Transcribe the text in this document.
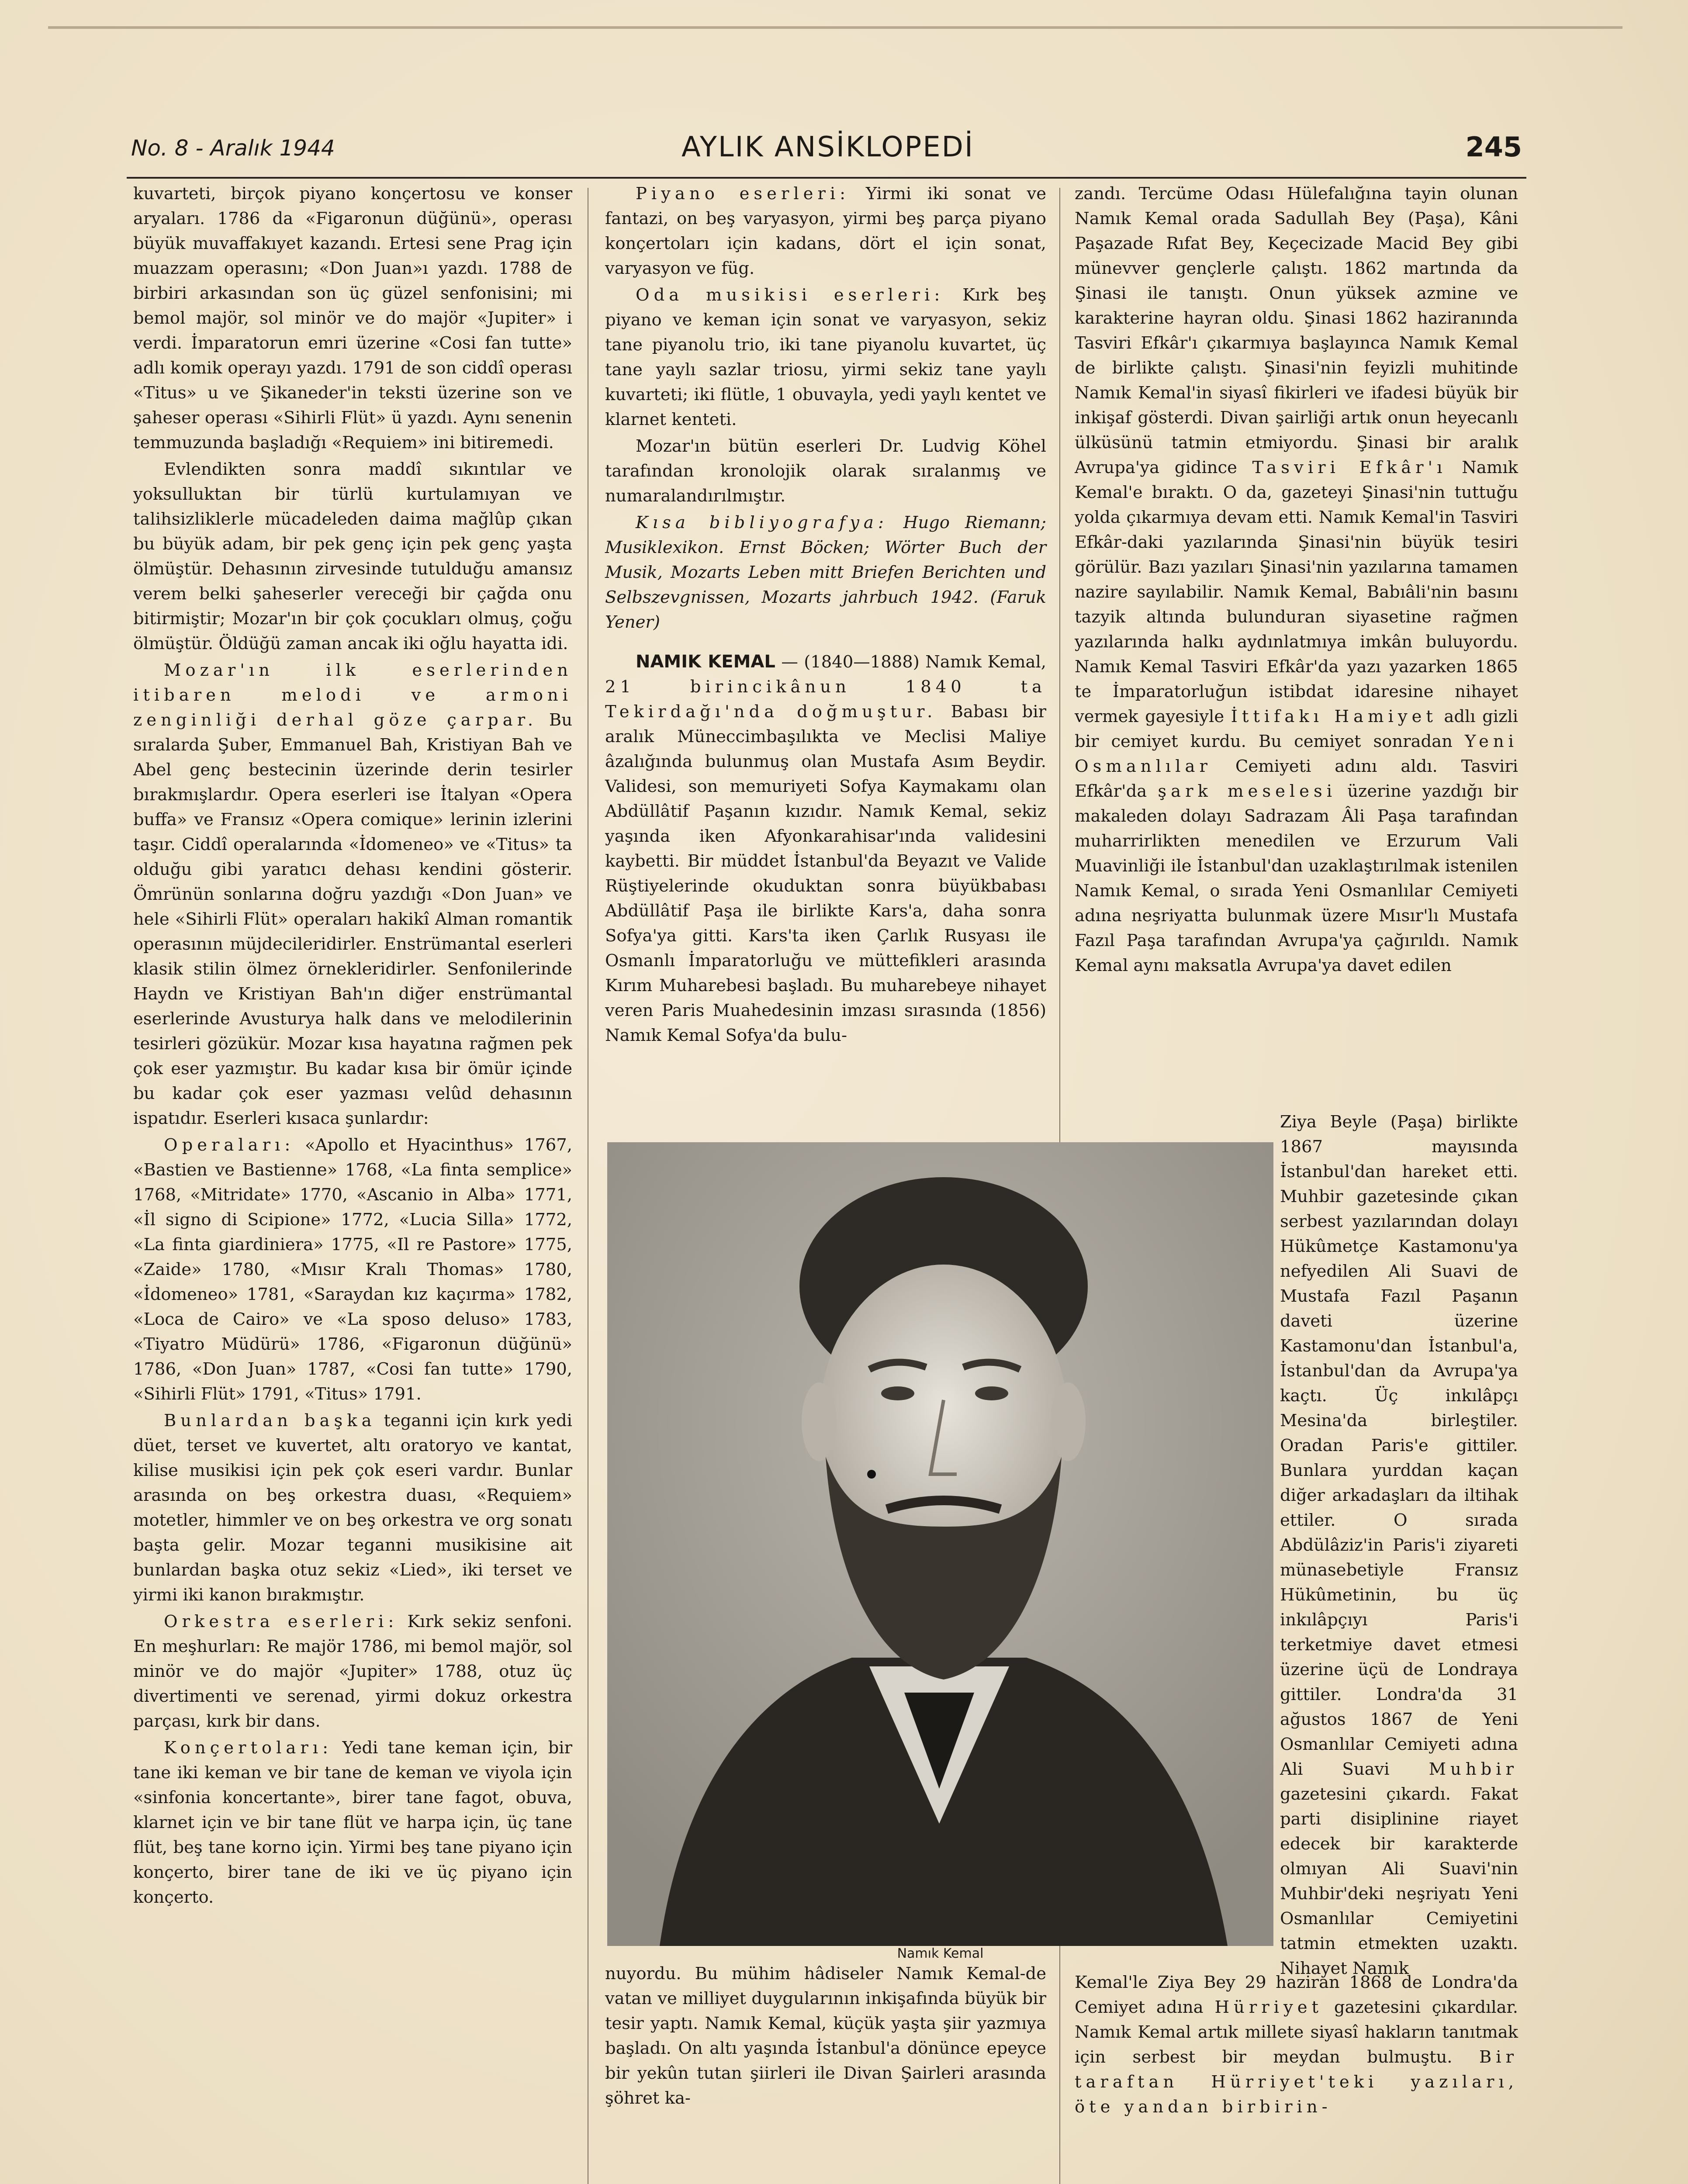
No. 8 - Aralık 1944	AYLIK ANSİKLOPEDİ	245

kuvarteti, birçok piyano konçertosu ve konser aryaları. 1786 da «Figaronun düğünü», operası büyük muvaffakıyet kazandı. Ertesi sene Prag için muazzam operasını; «Don Juan»ı yazdı. 1788 de birbiri arkasından son üç güzel senfonisini; mi bemol majör, sol minör ve do majör «Jupiter» i verdi. İmparatorun emri üzerine «Cosi fan tutte» adlı komik operayı yazdı. 1791 de son ciddî operası «Titus» u ve Şikaneder'in teksti üzerine son ve şaheser operası «Sihirli Flüt» ü yazdı. Aynı senenin temmuzunda başladığı «Requiem» ini bitiremedi.

Evlendikten sonra maddî sıkıntılar ve yoksulluktan bir türlü kurtulamıyan ve talihsizliklerle mücadeleden daima mağlûp çıkan bu büyük adam, bir pek genç için pek genç yaşta ölmüştür. Dehasının zirvesinde tutulduğu amansız verem belki şaheserler vereceği bir çağda onu bitirmiştir; Mozar'ın bir çok çocukları olmuş, çoğu ölmüştür. Öldüğü zaman ancak iki oğlu hayatta idi.

Mozar'ın ilk eserlerinden itibaren melodi ve armoni zenginliği derhal göze çarpar. Bu sıralarda Şuber, Emmanuel Bah, Kristiyan Bah ve Abel genç bestecinin üzerinde derin tesirler bırakmışlardır. Opera eserleri ise İtalyan «Opera buffa» ve Fransız «Opera comique» lerinin izlerini taşır. Ciddî operalarında «İdomeneo» ve «Titus» ta olduğu gibi yaratıcı dehası kendini gösterir. Ömrünün sonlarına doğru yazdığı «Don Juan» ve hele «Sihirli Flüt» operaları hakikî Alman romantik operasının müjdecileridirler. Enstrümantal eserleri klasik stilin ölmez örnekleridirler. Senfonilerinde Haydn ve Kristiyan Bah'ın diğer enstrümantal eserlerinde Avusturya halk dans ve melodilerinin tesirleri gözükür. Mozar kısa hayatına rağmen pek çok eser yazmıştır. Bu kadar kısa bir ömür içinde bu kadar çok eser yazması velûd dehasının ispatıdır. Eserleri kısaca şunlardır:

Operaları: «Apollo et Hyacinthus» 1767, «Bastien ve Bastienne» 1768, «La finta semplice» 1768, «Mitridate» 1770, «Ascanio in Alba» 1771, «İl signo di Scipione» 1772, «Lucia Silla» 1772, «La finta giardiniera» 1775, «Il re Pastore» 1775, «Zaide» 1780, «Mısır Kralı Thomas» 1780, «İdomeneo» 1781, «Saraydan kız kaçırma» 1782, «Loca de Cairo» ve «La sposo deluso» 1783, «Tiyatro Müdürü» 1786, «Figaronun düğünü» 1786, «Don Juan» 1787, «Cosi fan tutte» 1790, «Sihirli Flüt» 1791, «Titus» 1791.

Bunlardan başka teganni için kırk yedi düet, terset ve kuvertet, altı oratoryo ve kantat, kilise musikisi için pek çok eseri vardır. Bunlar arasında on beş orkestra duası, «Requiem» motetler, himmler ve on beş orkestra ve org sonatı başta gelir. Mozar teganni musikisine ait bunlardan başka otuz sekiz «Lied», iki terset ve yirmi iki kanon bırakmıştır.

Orkestra eserleri: Kırk sekiz senfoni. En meşhurları: Re majör 1786, mi bemol majör, sol minör ve do majör «Jupiter» 1788, otuz üç divertimenti ve serenad, yirmi dokuz orkestra parçası, kırk bir dans.

Konçertoları: Yedi tane keman için, bir tane iki keman ve bir tane de keman ve viyola için «sinfonia koncertante», birer tane fagot, obuva, klarnet için ve bir tane flüt ve harpa için, üç tane flüt, beş tane korno için. Yirmi beş tane piyano için konçerto, birer tane de iki ve üç piyano için konçerto.

Piyano eserleri: Yirmi iki sonat ve fantazi, on beş varyasyon, yirmi beş parça piyano konçertoları için kadans, dört el için sonat, varyasyon ve füg.

Oda musikisi eserleri: Kırk beş piyano ve keman için sonat ve varyasyon, sekiz tane piyanolu trio, iki tane piyanolu kuvartet, üç tane yaylı sazlar triosu, yirmi sekiz tane yaylı kuvarteti; iki flütle, 1 obuvayla, yedi yaylı kentet ve klarnet kenteti.

Mozar'ın bütün eserleri Dr. Ludvig Köhel tarafından kronolojik olarak sıralanmış ve numaralandırılmıştır.

Kısa bibliyografya: Hugo Riemann; Musiklexikon. Ernst Böcken; Wörter Buch der Musik, Mozarts Leben mitt Briefen Berichten und Selbszevgnissen, Mozarts jahrbuch 1942. (Faruk Yener)

NAMIK KEMAL — (1840—1888) Namık Kemal, 21 birincikânun 1840 ta Tekirdağı'nda doğmuştur. Babası bir aralık Müneccimbaşılıkta ve Meclisi Maliye âzalığında bulunmuş olan Mustafa Asım Beydir. Validesi, son memuriyeti Sofya Kaymakamı olan Abdüllâtif Paşanın kızıdır. Namık Kemal, sekiz yaşında iken Afyonkarahisar'ında validesini kaybetti. Bir müddet İstanbul'da Beyazıt ve Valide Rüştiyelerinde okuduktan sonra büyükbabası Abdüllâtif Paşa ile birlikte Kars'a, daha sonra Sofya'ya gitti. Kars'ta iken Çarlık Rusyası ile Osmanlı İmparatorluğu ve müttefikleri arasında Kırım Muharebesi başladı. Bu muharebeye nihayet veren Paris Muahedesinin imzası sırasında (1856) Namık Kemal Sofya'da bulu-

Namık Kemal

nuyordu. Bu mühim hâdiseler Namık Kemal-de vatan ve milliyet duygularının inkişafında büyük bir tesir yaptı. Namık Kemal, küçük yaşta şiir yazmıya başladı. On altı yaşında İstanbul'a dönünce epeyce bir yekûn tutan şiirleri ile Divan Şairleri arasında şöhret ka-

zandı. Tercüme Odası Hülefalığına tayin olunan Namık Kemal orada Sadullah Bey (Paşa), Kâni Paşazade Rıfat Bey, Keçecizade Macid Bey gibi münevver gençlerle çalıştı. 1862 martında da Şinasi ile tanıştı. Onun yüksek azmine ve karakterine hayran oldu. Şinasi 1862 haziranında Tasviri Efkâr'ı çıkarmıya başlayınca Namık Kemal de birlikte çalıştı. Şinasi'nin feyizli muhitinde Namık Kemal'in siyasî fikirleri ve ifadesi büyük bir inkişaf gösterdi. Divan şairliği artık onun heyecanlı ülküsünü tatmin etmiyordu. Şinasi bir aralık Avrupa'ya gidince Tasviri Efkâr'ı Namık Kemal'e bıraktı. O da, gazeteyi Şinasi'nin tuttuğu yolda çıkarmıya devam etti. Namık Kemal'in Tasviri Efkâr-daki yazılarında Şinasi'nin büyük tesiri görülür. Bazı yazıları Şinasi'nin yazılarına tamamen nazire sayılabilir. Namık Kemal, Babıâli'nin basını tazyik altında bulunduran siyasetine rağmen yazılarında halkı aydınlatmıya imkân buluyordu. Namık Kemal Tasviri Efkâr'da yazı yazarken 1865 te İmparatorluğun istibdat idaresine nihayet vermek gayesiyle İttifakı Hamiyet adlı gizli bir cemiyet kurdu. Bu cemiyet sonradan Yeni Osmanlılar Cemiyeti adını aldı. Tasviri Efkâr'da şark meselesi üzerine yazdığı bir makaleden dolayı Sadrazam Âli Paşa tarafından muharrirlikten menedilen ve Erzurum Vali Muavinliği ile İstanbul'dan uzaklaştırılmak istenilen Namık Kemal, o sırada Yeni Osmanlılar Cemiyeti adına neşriyatta bulunmak üzere Mısır'lı Mustafa Fazıl Paşa tarafından Avrupa'ya çağırıldı. Namık Kemal aynı maksatla Avrupa'ya davet edilen

Ziya Beyle (Paşa) birlikte 1867 mayısında İstanbul'dan hareket etti. Muhbir gazetesinde çıkan serbest yazılarından dolayı Hükûmetçe Kastamonu'ya nefyedilen Ali Suavi de Mustafa Fazıl Paşanın daveti üzerine Kastamonu'dan İstanbul'a, İstanbul'dan da Avrupa'ya kaçtı. Üç inkılâpçı Mesina'da birleştiler. Oradan Paris'e gittiler. Bunlara yurddan kaçan diğer arkadaşları da iltihak ettiler. O sırada Abdülâziz'in Paris'i ziyareti münasebetiyle Fransız Hükûmetinin, bu üç inkılâpçıyı Paris'i terketmiye davet etmesi üzerine üçü de Londraya gittiler. Londra'da 31 ağustos 1867 de Yeni Osmanlılar Cemiyeti adına Ali Suavi Muhbir gazetesini çıkardı. Fakat parti disiplinine riayet edecek bir karakterde olmıyan Ali Suavi'nin Muhbir'deki neşriyatı Yeni Osmanlılar Cemiyetini tatmin etmekten uzaktı. Nihayet Namık

Kemal'le Ziya Bey 29 haziran 1868 de Londra'da Cemiyet adına Hürriyet gazetesini çıkardılar. Namık Kemal artık millete siyasî hakların tanıtmak için serbest bir meydan bulmuştu. Bir taraftan Hürriyet'teki yazıları, öte yandan birbirin-
